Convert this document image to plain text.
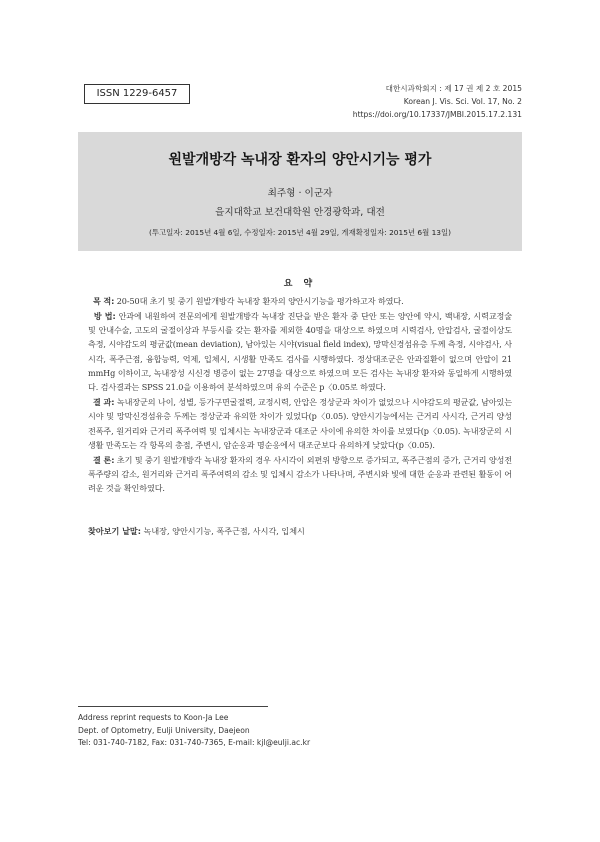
ISSN 1229-6457	대한시과학회지 : 제 17 권 제 2 호 2015
Korean J. Vis. Sci. Vol. 17, No. 2
https://doi.org/10.17337/JMBI.2015.17.2.131
원발개방각 녹내장 환자의 양안시기능 평가
최주형 · 이군자
을지대학교 보건대학원 안경광학과, 대전
(투고일자: 2015년 4월 6일, 수정일자: 2015년 4월 29일, 게재확정일자: 2015년 6월 13일)
요 약

목 적: 20-50대 초기 및 중기 원발개방각 녹내장 환자의 양안시기능을 평가하고자 하였다.

방 법: 안과에 내원하여 전문의에게 원발개방각 녹내장 진단을 받은 환자 중 단안 또는 양안에 약시, 백내장, 시력교정술 및 안내수술, 고도의 굴절이상과 부등시를 갖는 환자를 제외한 40명을 대상으로 하였으며 시력검사, 안압검사, 굴절이상도 측정, 시야감도의 평균값(mean deviation), 남아있는 시야(visual field index), 망막신경섬유층 두께 측정, 시야검사, 사시각, 폭주근점, 융합능력, 억제, 입체시, 시생활 만족도 검사를 시행하였다. 정상대조군은 안과질환이 없으며 안압이 21 mmHg 이하이고, 녹내장성 시신경 병증이 없는 27명을 대상으로 하였으며 모든 검사는 녹내장 환자와 동일하게 시행하였다. 검사결과는 SPSS 21.0을 이용하여 분석하였으며 유의 수준은 p〈0.05로 하였다.

결 과: 녹내장군의 나이, 성별, 등가구면굴절력, 교정시력, 안압은 정상군과 차이가 없었으나 시야감도의 평균값, 남아있는 시야 및 망막신경섬유층 두께는 정상군과 유의한 차이가 있었다(p〈0.05). 양안시기능에서는 근거리 사시각, 근거리 양성 전폭주, 원거리와 근거리 폭주여력 및 입체시는 녹내장군과 대조군 사이에 유의한 차이를 보였다(p〈0.05). 녹내장군의 시생활 만족도는 각 항목의 총점, 주변시, 암순응과 명순응에서 대조군보다 유의하게 낮았다(p〈0.05).

결 론: 초기 및 중기 원발개방각 녹내장 환자의 경우 사시각이 외편위 방향으로 증가되고, 폭주근점의 증가, 근거리 양성전폭주량의 감소, 원거리와 근거리 폭주여력의 감소 및 입체시 감소가 나타나며, 주변시와 빛에 대한 순응과 관련된 활동이 어려운 것을 확인하였다.

찾아보기 낱말: 녹내장, 양안시기능, 폭주근점, 사시각, 입체시
Address reprint requests to Koon-Ja Lee
Dept. of Optometry, Eulji University, Daejeon
Tel: 031-740-7182, Fax: 031-740-7365, E-mail: kjl@eulji.ac.kr
